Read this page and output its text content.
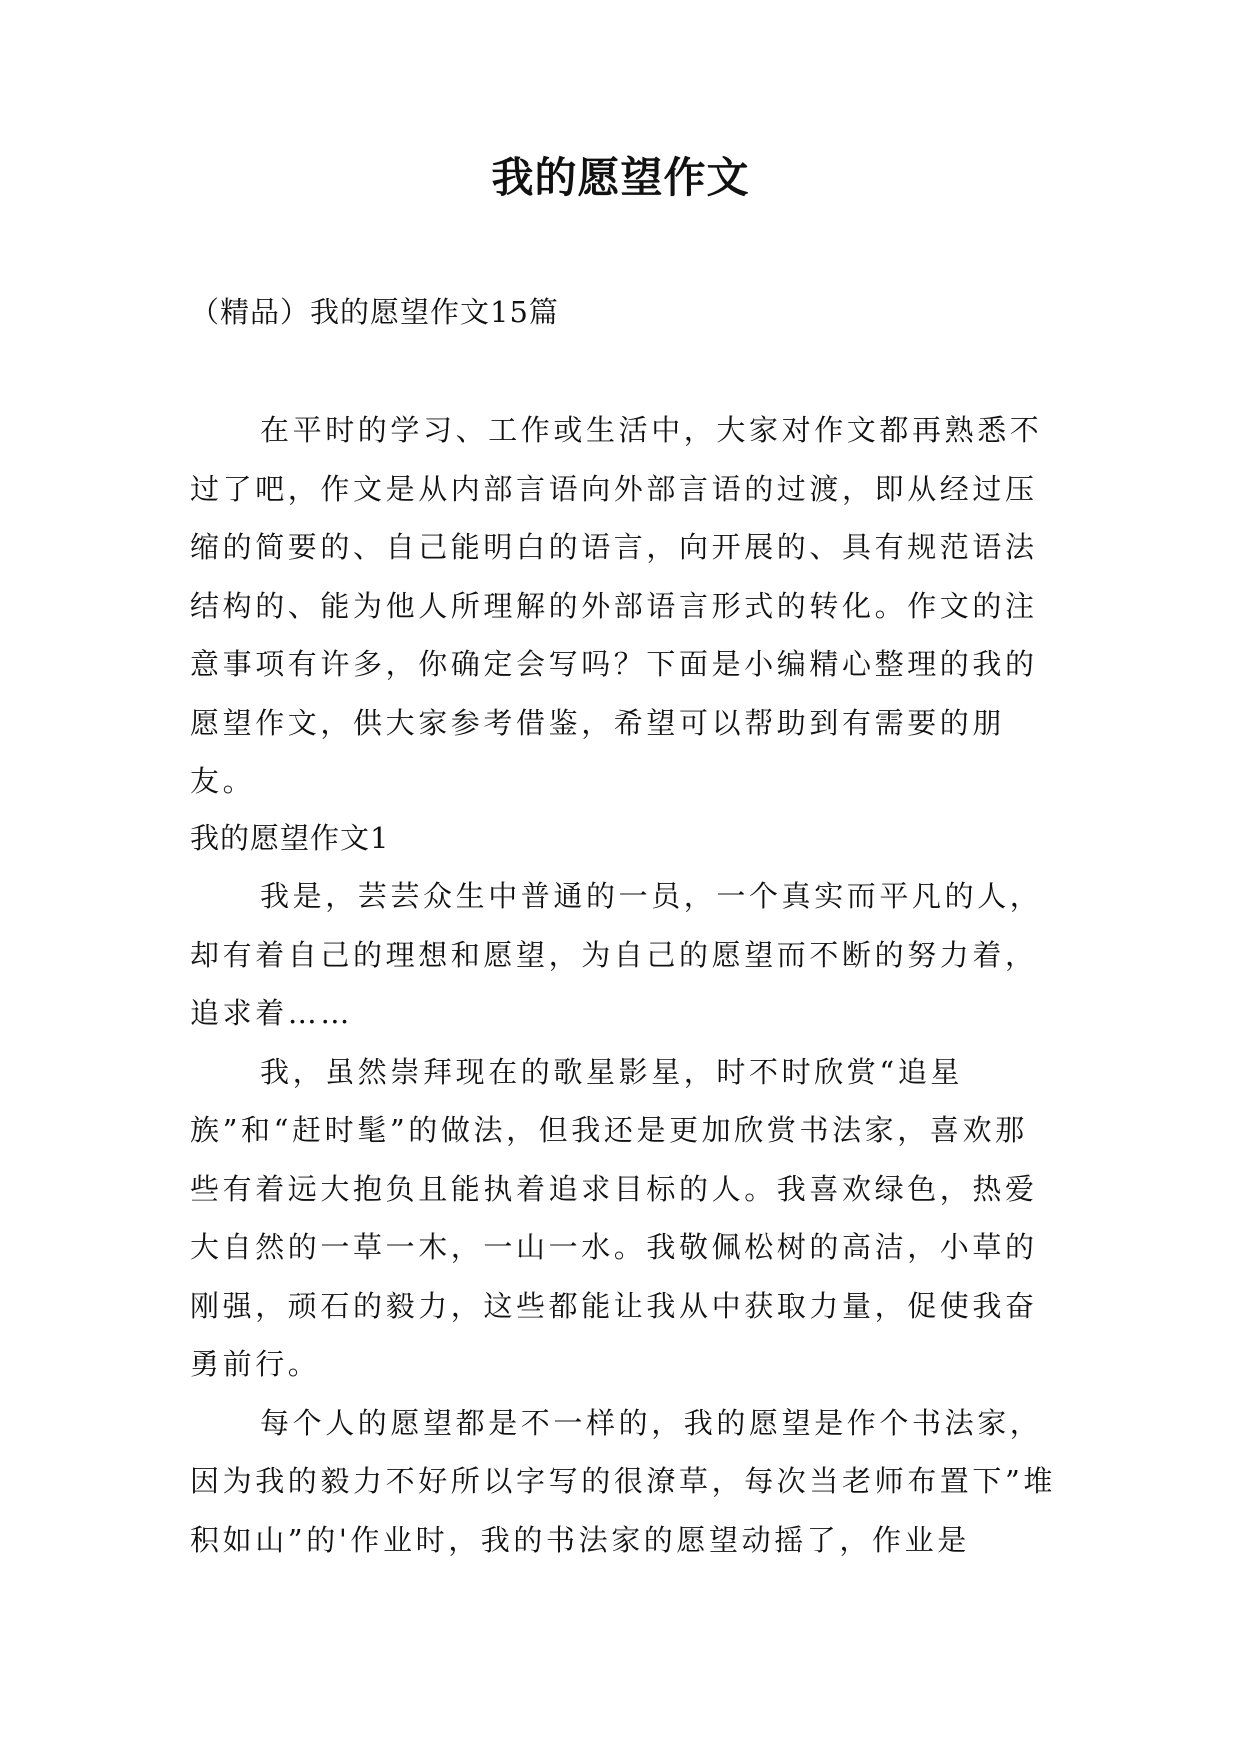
我的愿望作文

（精品）我的愿望作文15篇

在平时的学习、工作或生活中，大家对作文都再熟悉不过了吧，作文是从内部言语向外部言语的过渡，即从经过压缩的简要的、自己能明白的语言，向开展的、具有规范语法结构的、能为他人所理解的外部语言形式的转化。作文的注意事项有许多，你确定会写吗？下面是小编精心整理的我的愿望作文，供大家参考借鉴，希望可以帮助到有需要的朋友。

我的愿望作文1

我是，芸芸众生中普通的一员，一个真实而平凡的人，却有着自己的理想和愿望，为自己的愿望而不断的努力着，追求着……

我，虽然崇拜现在的歌星影星，时不时欣赏“追星族”和“赶时髦”的做法，但我还是更加欣赏书法家，喜欢那些有着远大抱负且能执着追求目标的人。我喜欢绿色，热爱大自然的一草一木，一山一水。我敬佩松树的高洁，小草的刚强，顽石的毅力，这些都能让我从中获取力量，促使我奋勇前行。

每个人的愿望都是不一样的，我的愿望是作个书法家，因为我的毅力不好所以字写的很潦草，每次当老师布置下”堆积如山”的'作业时，我的书法家的愿望动摇了，作业是
